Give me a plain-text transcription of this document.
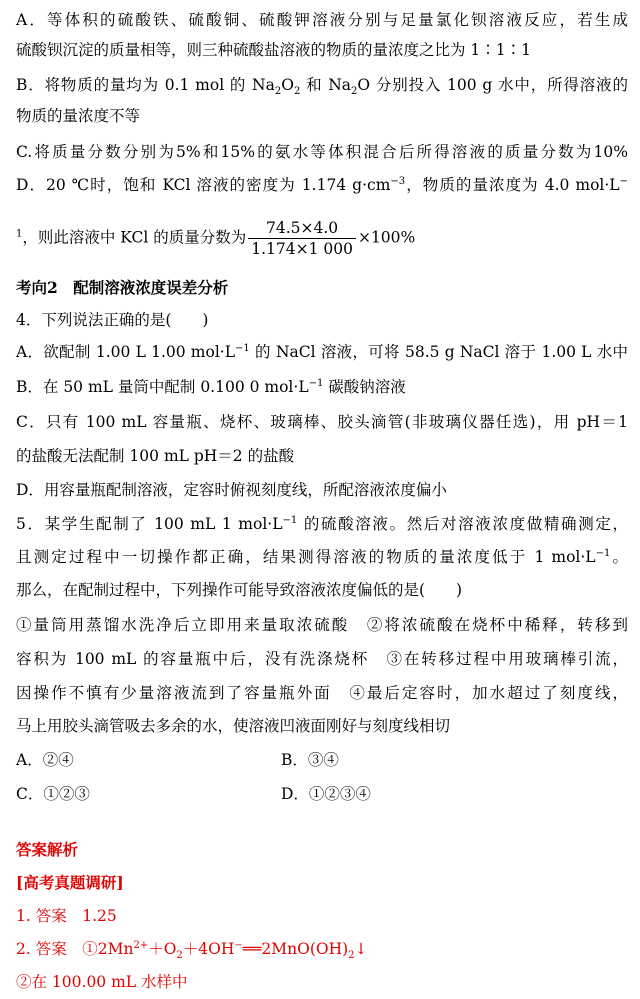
A．等体积的硫酸铁、硫酸铜、硫酸钾溶液分别与足量氯化钡溶液反应，若生成
硫酸钡沉淀的质量相等，则三种硫酸盐溶液的物质的量浓度之比为 1∶1∶1
B．将物质的量均为 0.1 mol 的 $Na_2O_2$ 和 $Na_2O$ 分别投入 100 g 水中，所得溶液的
物质的量浓度不等
C.将质量分数分别为5%和15%的氨水等体积混合后所得溶液的质量分数为10%
D．20 ℃时，饱和 KCl 溶液的密度为 1.174 $g\cdot cm^{-3}$，物质的量浓度为 4.0 mol·L−
$^1$，则此溶液中 KCl 的质量分数为 $\frac{74.5\times 4.0}{1.174\times 1 000} \times 100\%$
考向2　配制溶液浓度误差分析
4．下列说法正确的是(　　)
A．欲配制 1.00 L 1.00 $mol\cdot L^{-1}$ 的 NaCl 溶液，可将 58.5 g NaCl 溶于 1.00 L 水中
B．在 50 mL 量筒中配制 0.100 0 $mol\cdot L^{-1}$ 碳酸钠溶液
C．只有 100 mL 容量瓶、烧杯、玻璃棒、胶头滴管(非玻璃仪器任选)，用 pH＝1
的盐酸无法配制 100 mL pH＝2 的盐酸
D．用容量瓶配制溶液，定容时俯视刻度线，所配溶液浓度偏小
5．某学生配制了 100 mL 1 $mol\cdot L^{-1}$ 的硫酸溶液。然后对溶液浓度做精确测定，
且测定过程中一切操作都正确，结果测得溶液的物质的量浓度低于 1 $mol\cdot L^{-1}$。
那么，在配制过程中，下列操作可能导致溶液浓度偏低的是(　　)
①量筒用蒸馏水洗净后立即用来量取浓硫酸　②将浓硫酸在烧杯中稀释，转移到
容积为 100 mL 的容量瓶中后，没有洗涤烧杯　③在转移过程中用玻璃棒引流，
因操作不慎有少量溶液流到了容量瓶外面　④最后定容时，加水超过了刻度线，
马上用胶头滴管吸去多余的水，使溶液凹液面刚好与刻度线相切
A．②④	B．③④
C．①②③	D．①②③④
答案解析
[高考真题调研]
1. 答案　1.25
2. 答案　$①2Mn^{2+}+O_2+4OH^-══2MnO(OH)_2↓$
②在 100.00 mL 水样中
